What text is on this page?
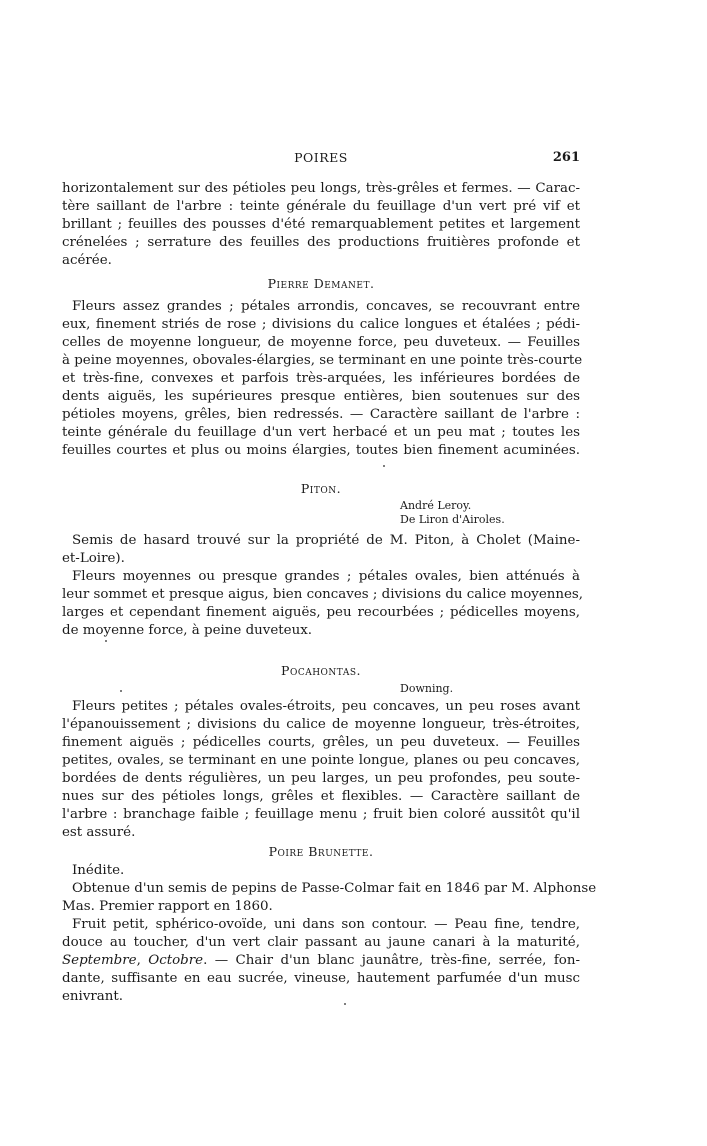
POIRES	261
horizontalement sur des pétioles peu longs, très-grêles et fermes. — Carac-
tère saillant de l'arbre : teinte générale du feuillage d'un vert pré vif et
brillant ; feuilles des pousses d'été remarquablement petites et largement
crénelées ; serrature des feuilles des productions fruitières profonde et
acérée.
Pierre Demanet.
Fleurs assez grandes ; pétales arrondis, concaves, se recouvrant entre
eux, finement striés de rose ; divisions du calice longues et étalées ; pédi-
celles de moyenne longueur, de moyenne force, peu duveteux. — Feuilles
à peine moyennes, obovales-élargies, se terminant en une pointe très-courte
et très-fine, convexes et parfois très-arquées, les inférieures bordées de
dents aiguës, les supérieures presque entières, bien soutenues sur des
pétioles moyens, grêles, bien redressés. — Caractère saillant de l'arbre :
teinte générale du feuillage d'un vert herbacé et un peu mat ; toutes les
feuilles courtes et plus ou moins élargies, toutes bien finement acuminées.
Piton.
André Leroy.
De Liron d'Airoles.
Semis de hasard trouvé sur la propriété de M. Piton, à Cholet (Maine-
et-Loire).
Fleurs moyennes ou presque grandes ; pétales ovales, bien atténués à
leur sommet et presque aigus, bien concaves ; divisions du calice moyennes,
larges et cependant finement aiguës, peu recourbées ; pédicelles moyens,
de moyenne force, à peine duveteux.
Pocahontas.
Downing.
Fleurs petites ; pétales ovales-étroits, peu concaves, un peu roses avant
l'épanouissement ; divisions du calice de moyenne longueur, très-étroites,
finement aiguës ; pédicelles courts, grêles, un peu duveteux. — Feuilles
petites, ovales, se terminant en une pointe longue, planes ou peu concaves,
bordées de dents régulières, un peu larges, un peu profondes, peu soute-
nues sur des pétioles longs, grêles et flexibles. — Caractère saillant de
l'arbre : branchage faible ; feuillage menu ; fruit bien coloré aussitôt qu'il
est assuré.
Poire Brunette.
Inédite.
Obtenue d'un semis de pepins de Passe-Colmar fait en 1846 par M. Alphonse
Mas. Premier rapport en 1860.
Fruit petit, sphérico-ovoïde, uni dans son contour. — Peau fine, tendre,
douce au toucher, d'un vert clair passant au jaune canari à la maturité,
Septembre, Octobre. — Chair d'un blanc jaunâtre, très-fine, serrée, fon-
dante, suffisante en eau sucrée, vineuse, hautement parfumée d'un musc
enivrant.
